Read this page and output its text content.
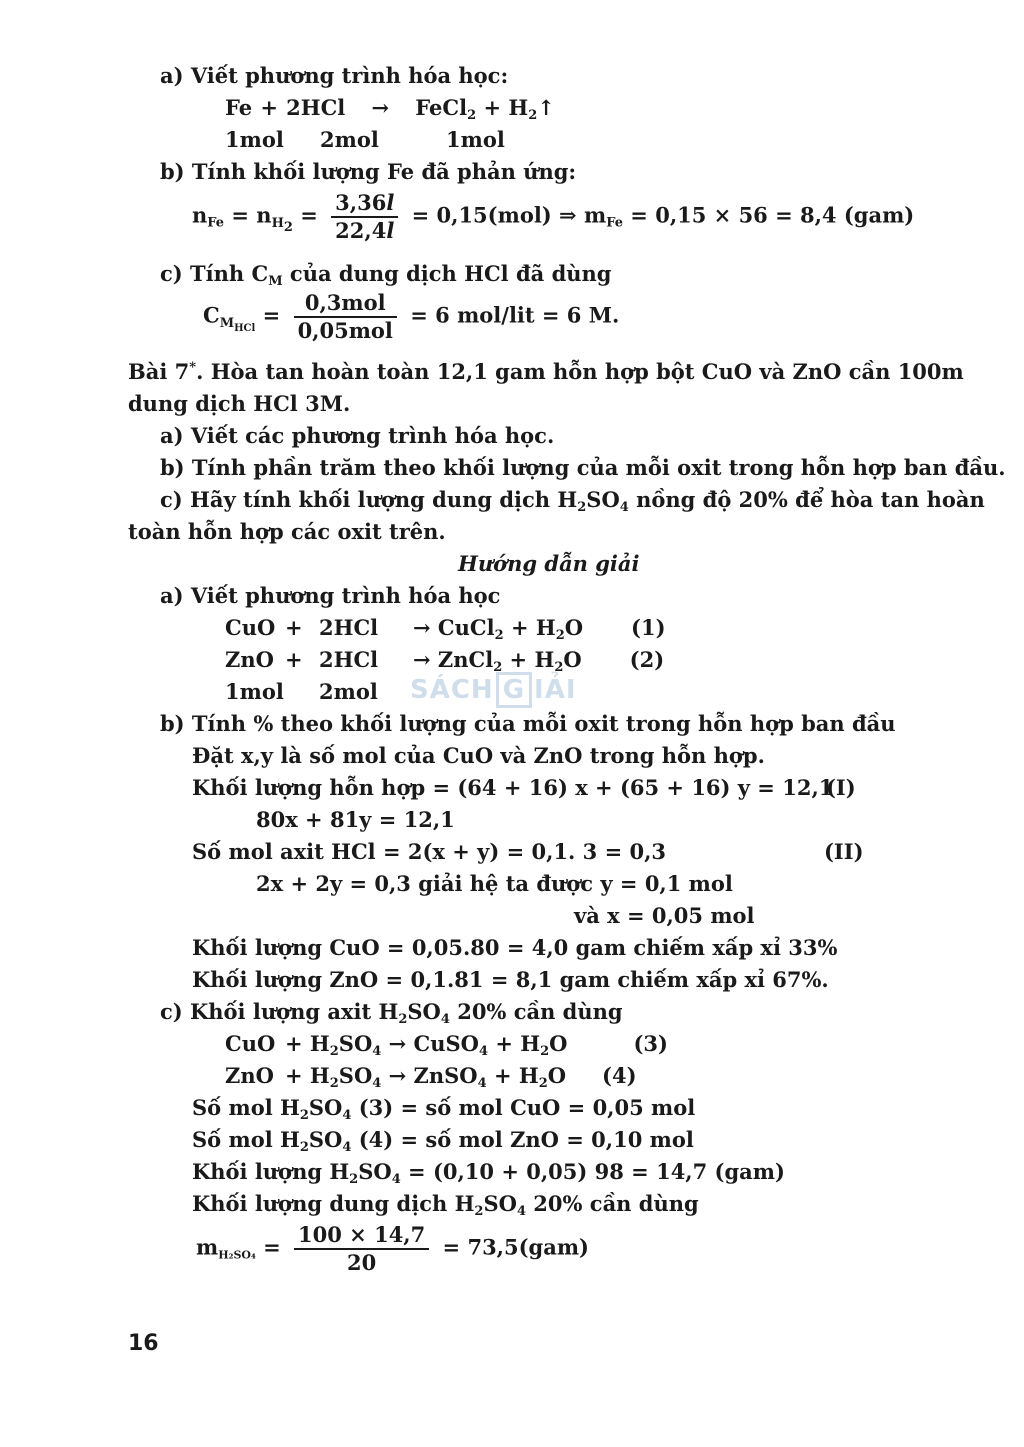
a) Viết phương trình hóa học:
Fe + 2HCl → FeCl$_2$ + $H_2↑$
1mol 2mol	1mol
b) Tính khối lượng Fe đã phản ứng:
$n_{Fe} = n_{H_2} = \frac{3,36l}{22,4l} = 0,15(mol)$ ⇒ $m_{Fe} = 0,15 \times 56 = 8,4$ (gam)
c) Tính $C_M$ của dung dịch HCl đã dùng
$C_{M_{HCl}} = \frac{\text{0,3mol}}{\text{0,05mol}} = 6$ mol/lit = 6 M.
Bài 7*. Hòa tan hoàn toàn 12,1 gam hỗn hợp bột CuO và ZnO cần 100m
dung dịch HCl 3M.
a) Viết các phương trình hóa học.
b) Tính phần trăm theo khối lượng của mỗi oxit trong hỗn hợp ban đầu.
c) Hãy tính khối lượng dung dịch $H_2SO_4$ nồng độ 20% để hòa tan hoàn
toàn hỗn hợp các oxit trên.
Hướng dẫn giải
a) Viết phương trình hóa học
CuO + 2HCl → CuCl$_2$ + $H_2O$ (1)
ZnO + 2HCl → ZnCl$_2$ + $H_2O$ (2)
1mol 2mol SÁCH G IẢI
b) Tính % theo khối lượng của mỗi oxit trong hỗn hợp ban đầu
Đặt x,y là số mol của CuO và ZnO trong hỗn hợp.
Khối lượng hỗn hợp = (64 + 16) x + (65 + 16) y = 12,1
(I)
80x + 81y = 12,1
Số mol axit HCl = 2(x + y) = 0,1. 3 = 0,3	(II)
2x + 2y = 0,3 giải hệ ta được y = 0,1 mol
và x = 0,05 mol
Khối lượng CuO = 0,05.80 = 4,0 gam chiếm xấp xỉ 33%
Khối lượng ZnO = 0,1.81 = 8,1 gam chiếm xấp xỉ 67%.
c) Khối lượng axit $H_2SO_4$ 20% cần dùng
CuO + $H_2SO_4$ → CuSO$_4$ + $H_2O$	(3)
ZnO + $H_2SO_4$ → ZnSO$_4$ + $H_2O$ (4)
Số mol $H_2SO_4$ (3) = số mol CuO = 0,05 mol
Số mol $H_2SO_4$ (4) = số mol ZnO = 0,10 mol
Khối lượng $H_2SO_4 = (0,10 + 0,05) 98 = 14,7$ (gam)
Khối lượng dung dịch $H_2SO_4$ 20% cần dùng
$m_{H_2SO_4} = \frac{100 \times 14,7}{20} = 73,5(gam)$
16
